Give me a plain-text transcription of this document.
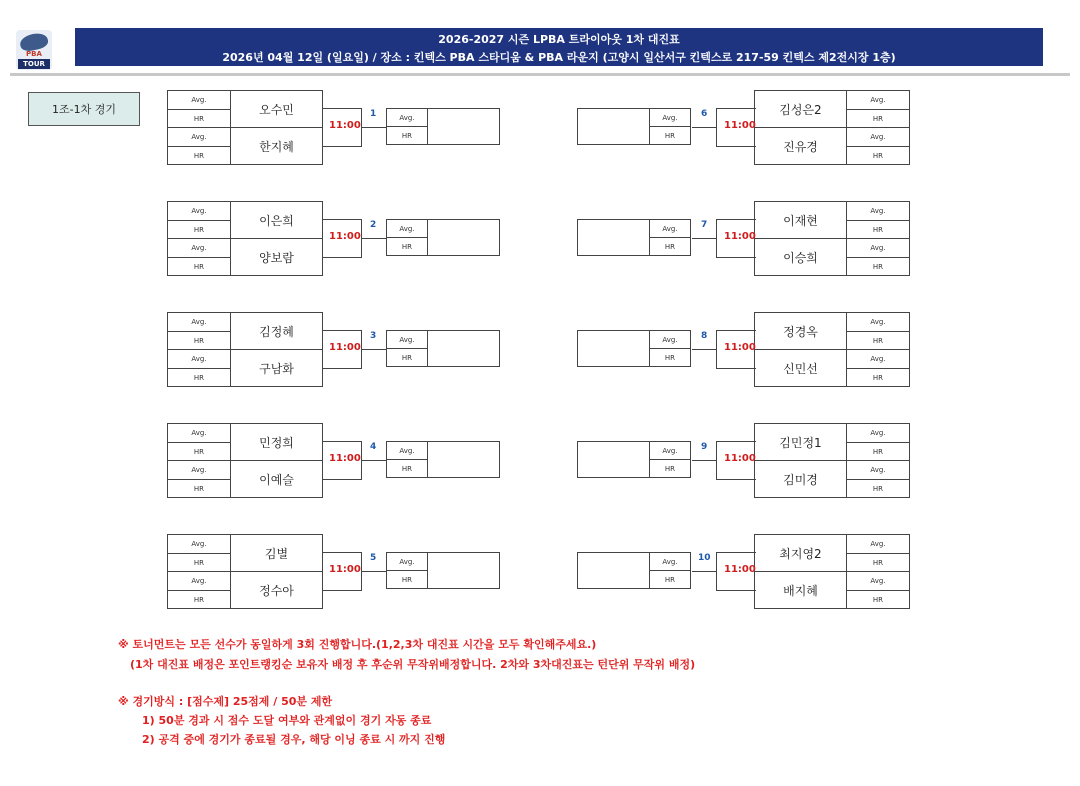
PBA
TOUR
2026-2027 시즌 LPBA 트라이아웃 1차 대진표
2026년 04월 12일 (일요일) / 장소 : 킨텍스 PBA 스타디움 & PBA 라운지 (고양시 일산서구 킨텍스로 217-59 킨텍스 제2전시장 1층)
1조-1차 경기
Avg.
HR
Avg.
HR
오수민
한지혜
11:00
1	Avg.
HR
Avg.
HR
Avg.
HR
이은희
양보람
11:00
2	Avg.
HR
Avg.
HR
Avg.
HR
김정혜
구남화
11:00
3	Avg.
HR
Avg.
HR
Avg.
HR
민정희
이예슬
11:00
4	Avg.
HR
Avg.
HR
Avg.
HR
김별
정수아
11:00
5	Avg.
HR
Avg.
HR
Avg.
HR
김성은2
진유경
11:00
6
Avg.
HR
Avg.
HR
Avg.
HR
이재현
이승희
11:00
7
Avg.
HR
Avg.
HR
Avg.
HR
정경옥
신민선
11:00
8
Avg.
HR
Avg.
HR
Avg.
HR
김민정1
김미경
11:00
9
Avg.
HR
Avg.
HR
Avg.
HR
최지영2
배지혜
11:00
10
Avg.
HR
※ 토너먼트는 모든 선수가 동일하게 3회 진행합니다.(1,2,3차 대진표 시간을 모두 확인해주세요.)
(1차 대진표 배정은 포인트랭킹순 보유자 배정 후 후순위 무작위배정합니다. 2차와 3차대진표는 턴단위 무작위 배정)
※ 경기방식 : [점수제] 25점제 / 50분 제한
1) 50분 경과 시 점수 도달 여부와 관계없이 경기 자동 종료
2) 공격 중에 경기가 종료될 경우, 해당 이닝 종료 시 까지 진행
